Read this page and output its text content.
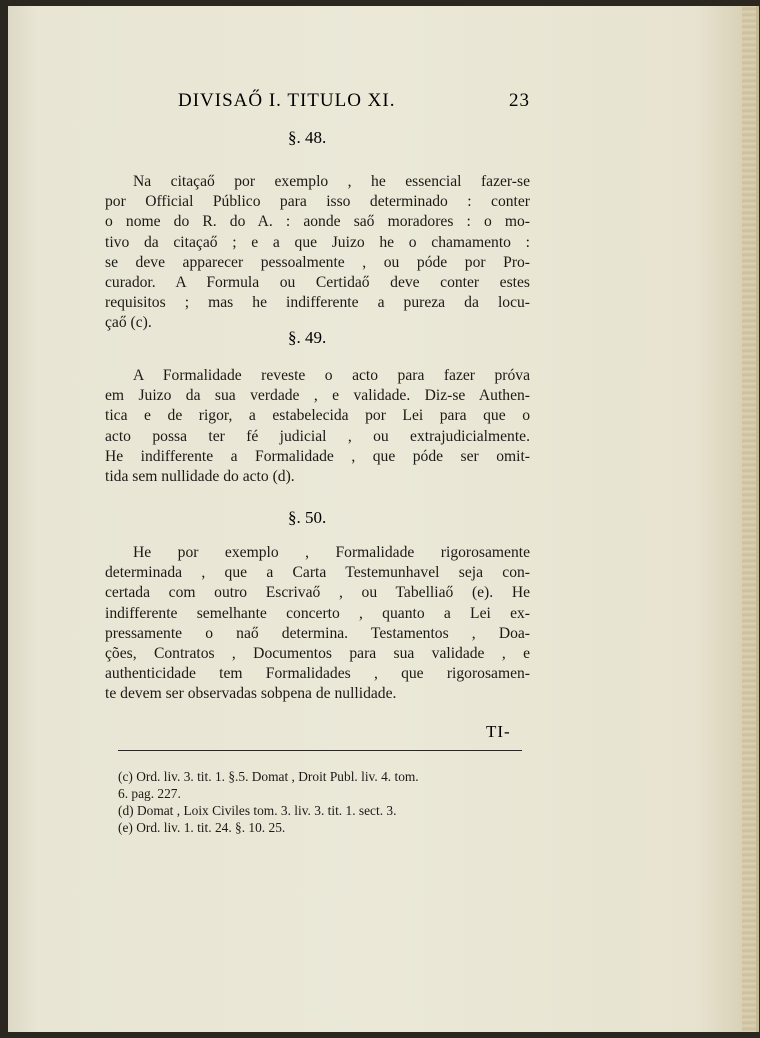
DIVISAŐ I. TITULO XI.	23
§. 48.

Na citaçaő por exemplo , he essencial fazer-se
por Official Público para isso determinado : conter
o nome do R. do A. : aonde saő moradores : o mo-
tivo da citaçaő ; e a que Juizo he o chamamento :
se deve apparecer pessoalmente , ou póde por Pro-
curador. A Formula ou Certidaő deve conter estes
requisitos ; mas he indifferente a pureza da locu-
çaő (c).

§. 49.

A Formalidade reveste o acto para fazer próva
em Juizo da sua verdade , e validade. Diz-se Authen-
tica e de rigor, a estabelecida por Lei para que o
acto possa ter fé judicial , ou extrajudicialmente.
He indifferente a Formalidade , que póde ser omit-
tida sem nullidade do acto (d).

§. 50.

He por exemplo , Formalidade rigorosamente
determinada , que a Carta Testemunhavel seja con-
certada com outro Escrivaő , ou Tabelliaő (e). He
indifferente semelhante concerto , quanto a Lei ex-
pressamente o naő determina. Testamentos , Doa-
ções, Contratos , Documentos para sua validade , e
authenticidade tem Formalidades , que rigorosamen-
te devem ser observadas sobpena de nullidade.

TI-
(c) Ord. liv. 3. tit. 1. §.5. Domat , Droit Publ. liv. 4. tom.
6. pag. 227.
(d) Domat , Loix Civiles tom. 3. liv. 3. tit. 1. sect. 3.
(e) Ord. liv. 1. tit. 24. §. 10. 25.
